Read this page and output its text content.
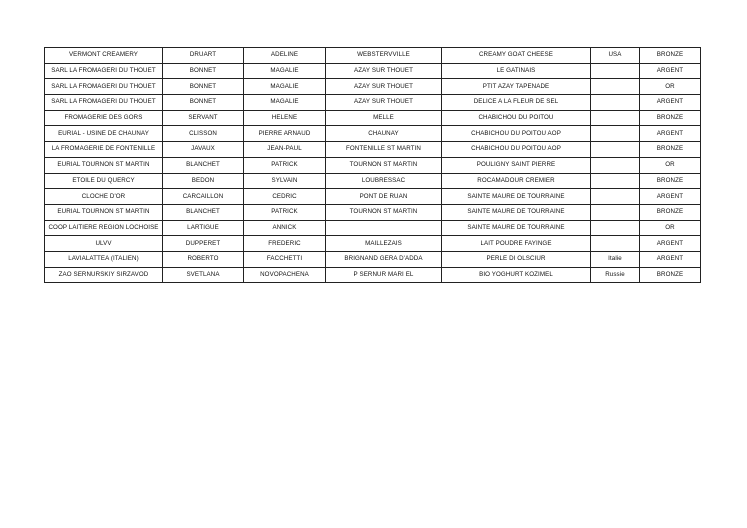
VERMONT CREAMERY	DRUART	ADELINE	WEBSTERVVILLE	CREAMY GOAT CHEESE	USA	BRONZE
SARL LA FROMAGERI DU THOUET	BONNET	MAGALIE	AZAY SUR THOUET	LE GATINAIS		ARGENT
SARL LA FROMAGERI DU THOUET	BONNET	MAGALIE	AZAY SUR THOUET	PTIT AZAY TAPENADE		OR
SARL LA FROMAGERI DU THOUET	BONNET	MAGALIE	AZAY SUR THOUET	DELICE A LA FLEUR DE SEL		ARGENT
FROMAGERIE DES GORS	SERVANT	HELENE	MELLE	CHABICHOU DU POITOU		BRONZE
EURIAL - USINE DE CHAUNAY	CLISSON	PIERRE ARNAUD	CHAUNAY	CHABICHOU DU POITOU AOP		ARGENT
LA FROMAGERIE DE FONTENILLE	JAVAUX	JEAN-PAUL	FONTENILLE ST MARTIN	CHABICHOU DU POITOU AOP		BRONZE
EURIAL TOURNON ST MARTIN	BLANCHET	PATRICK	TOURNON ST MARTIN	POULIGNY SAINT PIERRE		OR
ETOILE DU QUERCY	BEDON	SYLVAIN	LOUBRESSAC	ROCAMADOUR CREMIER		BRONZE
CLOCHE D'OR	CARCAILLON	CEDRIC	PONT DE RUAN	SAINTE MAURE DE TOURRAINE		ARGENT
EURIAL TOURNON ST MARTIN	BLANCHET	PATRICK	TOURNON ST MARTIN	SAINTE MAURE DE TOURRAINE		BRONZE
COOP LAITIERE REGION LOCHOISE	LARTIGUE	ANNICK		SAINTE MAURE DE TOURRAINE		OR
ULVV	DUPPERET	FREDERIC	MAILLEZAIS	LAIT POUDRE FAYINGE		ARGENT
LAVIALATTEA (ITALIEN)	ROBERTO	FACCHETTI	BRIGNAND GERA D'ADDA	PERLE DI OLSCIUR	Italie	ARGENT
ZAO SERNURSKIY SIRZAVOD	SVETLANA	NOVOPACHENA	P SERNUR MARI EL	BIO YOGHURT KOZIMEL	Russie	BRONZE
